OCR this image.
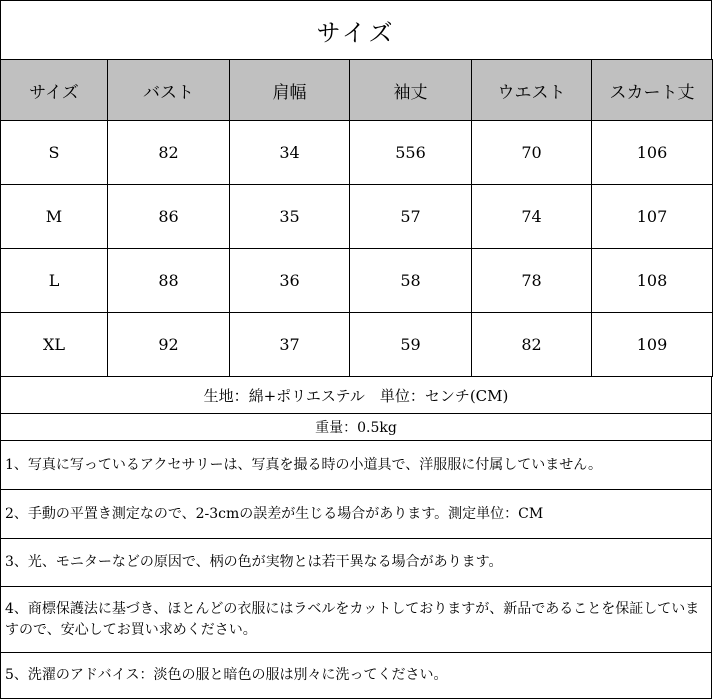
サイズ
サイズ	バスト	肩幅	袖丈	ウエスト	スカート丈
S	82	34	556	70	106
M	86	35	57	74	107
L	88	36	58	78	108
XL	92	37	59	82	109
生地：綿+ポリエステル　単位：センチ(CM)
重量：0.5kg
1、写真に写っているアクセサリーは、写真を撮る時の小道具で、洋服服に付属していません。
2、手動の平置き測定なので、2-3cmの誤差が生じる場合があります。測定単位：CM
3、光、モニターなどの原因で、柄の色が実物とは若干異なる場合があります。
4、商標保護法に基づき、ほとんどの衣服にはラベルをカットしておりますが、新品であることを保証していますので、安心してお買い求めください。
5、洗濯のアドバイス：淡色の服と暗色の服は別々に洗ってください。
